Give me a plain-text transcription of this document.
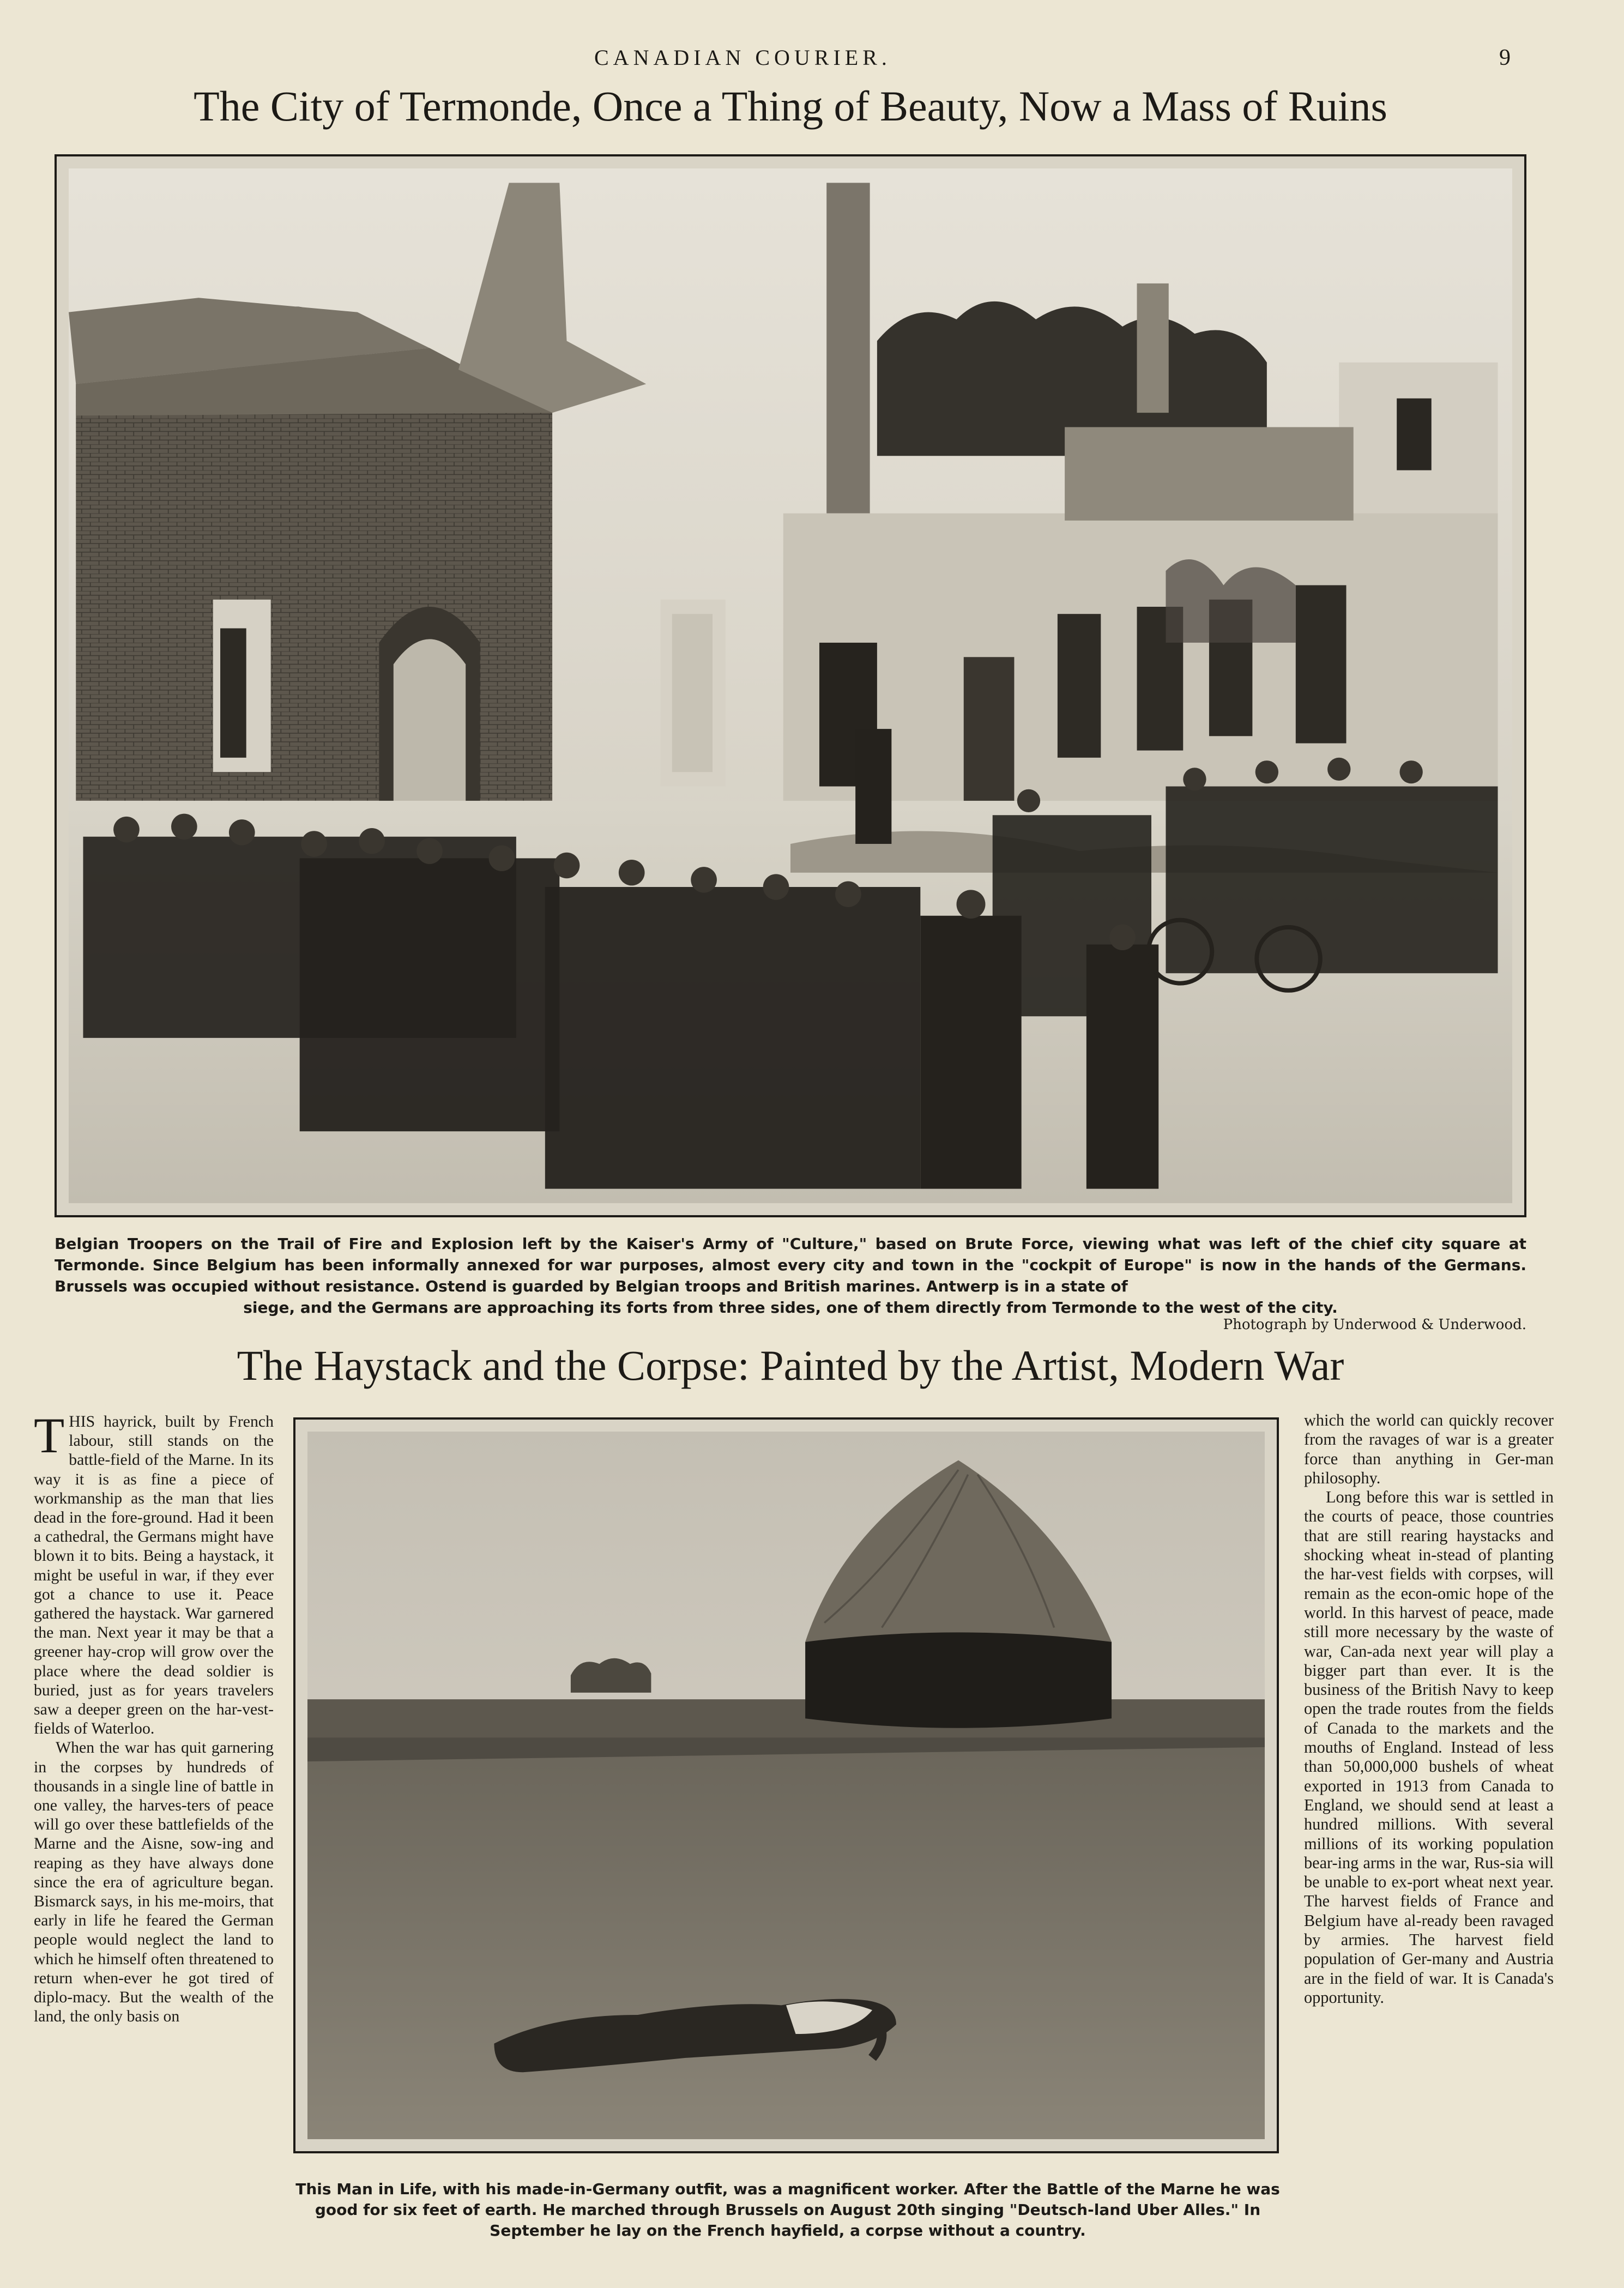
CANADIAN COURIER.	9
The City of Termonde, Once a Thing of Beauty, Now a Mass of Ruins

Belgian Troopers on the Trail of Fire and Explosion left by the Kaiser's Army of "Culture," based on Brute Force, viewing what was left of the chief city square at Termonde. Since Belgium has been informally annexed for war purposes, almost every city and town in the "cockpit of Europe" is now in the hands of the Germans. Brussels was occupied without resistance. Ostend is guarded by Belgian troops and British marines. Antwerp is in a state of
siege, and the Germans are approaching its forts from three sides, one of them directly from Termonde to the west of the city.

Photograph by Underwood & Underwood.
The Haystack and the Corpse: Painted by the Artist, Modern War

THIS hayrick, built by French labour, still stands on the battle-field of the Marne. In its way it is as fine a piece of workmanship as the man that lies dead in the fore-ground. Had it been a cathedral, the Germans might have blown it to bits. Being a haystack, it might be useful in war, if they ever got a chance to use it. Peace gathered the haystack. War garnered the man. Next year it may be that a greener hay-crop will grow over the place where the dead soldier is buried, just as for years travelers saw a deeper green on the har-vest-fields of Waterloo.

When the war has quit garnering in the corpses by hundreds of thousands in a single line of battle in one valley, the harves-ters of peace will go over these battlefields of the Marne and the Aisne, sow-ing and reaping as they have always done since the era of agriculture began. Bismarck says, in his me-moirs, that early in life he feared the German people would neglect the land to which he himself often threatened to return when-ever he got tired of diplo-macy. But the wealth of the land, the only basis on

which the world can quickly recover from the ravages of war is a greater force than anything in Ger-man philosophy.

Long before this war is settled in the courts of peace, those countries that are still rearing haystacks and shocking wheat in-stead of planting the har-vest fields with corpses, will remain as the econ-omic hope of the world. In this harvest of peace, made still more necessary by the waste of war, Can-ada next year will play a bigger part than ever. It is the business of the British Navy to keep open the trade routes from the fields of Canada to the markets and the mouths of England. Instead of less than 50,000,000 bushels of wheat exported in 1913 from Canada to England, we should send at least a hundred millions. With several millions of its working population bear-ing arms in the war, Rus-sia will be unable to ex-port wheat next year. The harvest fields of France and Belgium have al-ready been ravaged by armies. The harvest field population of Ger-many and Austria are in the field of war. It is Canada's opportunity.

This Man in Life, with his made-in-Germany outfit, was a magnificent worker. After the Battle of the Marne he was good for six feet of earth. He marched through Brussels on August 20th singing "Deutsch-land Uber Alles." In September he lay on the French hayfield, a corpse without a country.
